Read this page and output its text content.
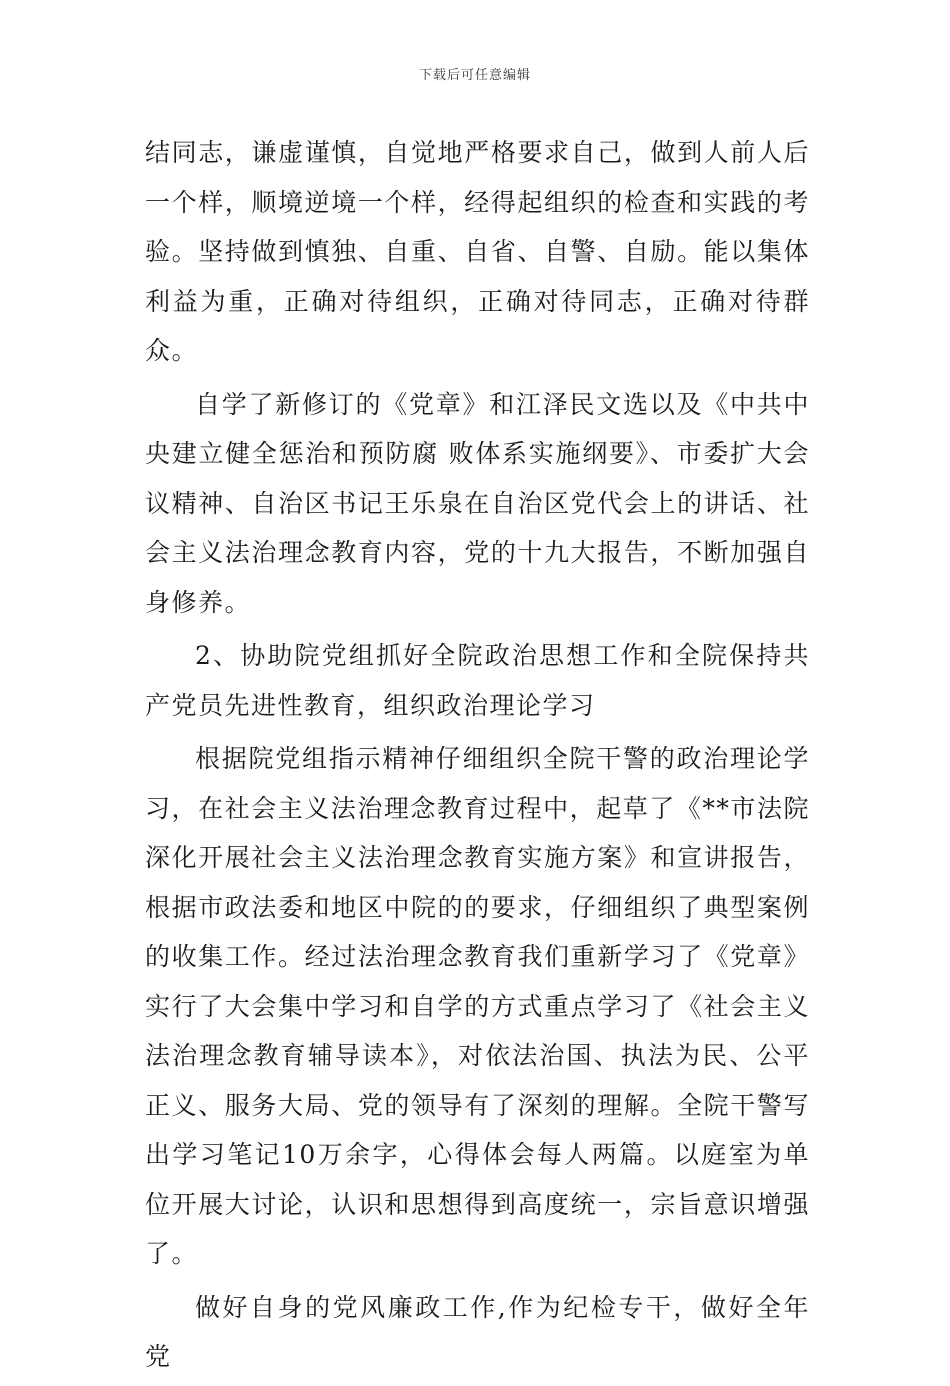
下载后可任意编辑

结同志，谦虚谨慎，自觉地严格要求自己，做到人前人后一个样，顺境逆境一个样，经得起组织的检查和实践的考验。坚持做到慎独、自重、自省、自警、自励。能以集体利益为重，正确对待组织，正确对待同志，正确对待群众。

自学了新修订的《党章》和江泽民文选以及《中共中央建立健全惩治和预防腐 败体系实施纲要》、市委扩大会议精神、自治区书记王乐泉在自治区党代会上的讲话、社会主义法治理念教育内容，党的十九大报告，不断加强自身修养。

2、协助院党组抓好全院政治思想工作和全院保持共产党员先进性教育，组织政治理论学习

根据院党组指示精神仔细组织全院干警的政治理论学习，在社会主义法治理念教育过程中，起草了《**市法院深化开展社会主义法治理念教育实施方案》和宣讲报告，根据市政法委和地区中院的的要求，仔细组织了典型案例的收集工作。经过法治理念教育我们重新学习了《党章》实行了大会集中学习和自学的方式重点学习了《社会主义法治理念教育辅导读本》，对依法治国、执法为民、公平正义、服务大局、党的领导有了深刻的理解。全院干警写出学习笔记10万余字，心得体会每人两篇。以庭室为单位开展大讨论，认识和思想得到高度统一，宗旨意识增强了。

做好自身的党风廉政工作,作为纪检专干，做好全年党
